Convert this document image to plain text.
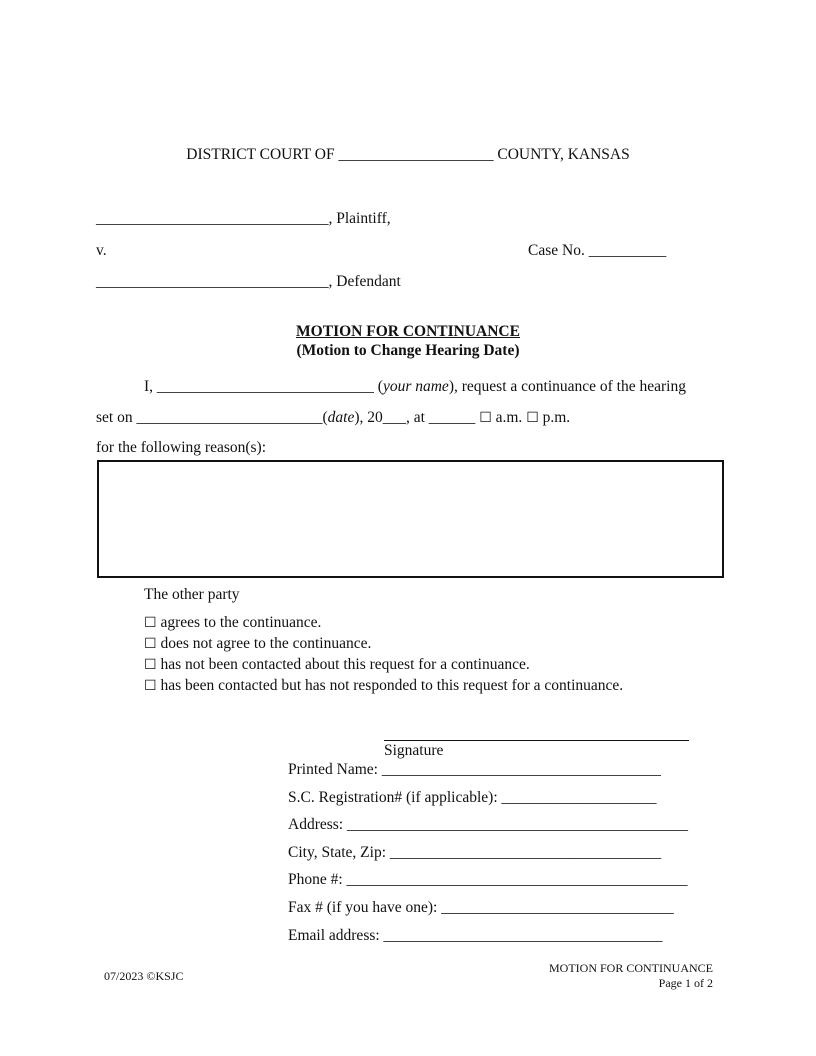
DISTRICT COURT OF ____________________ COUNTY, KANSAS
______________________________, Plaintiff,
v.	Case No. __________
______________________________, Defendant
MOTION FOR CONTINUANCE
(Motion to Change Hearing Date)
I, ____________________________ (your name), request a continuance of the hearing
set on ________________________(date), 20___, at ______ ☐ a.m. ☐ p.m.
for the following reason(s):
The other party
☐ agrees to the continuance.
☐ does not agree to the continuance.
☐ has not been contacted about this request for a continuance.
☐ has been contacted but has not responded to this request for a continuance.
Signature
Printed Name: ____________________________________
S.C. Registration# (if applicable): ____________________
Address: ____________________________________________
City, State, Zip: ___________________________________
Phone #: ____________________________________________
Fax # (if you have one): ______________________________
Email address: ____________________________________
07/2023 ©KSJC
MOTION FOR CONTINUANCE
Page 1 of 2
